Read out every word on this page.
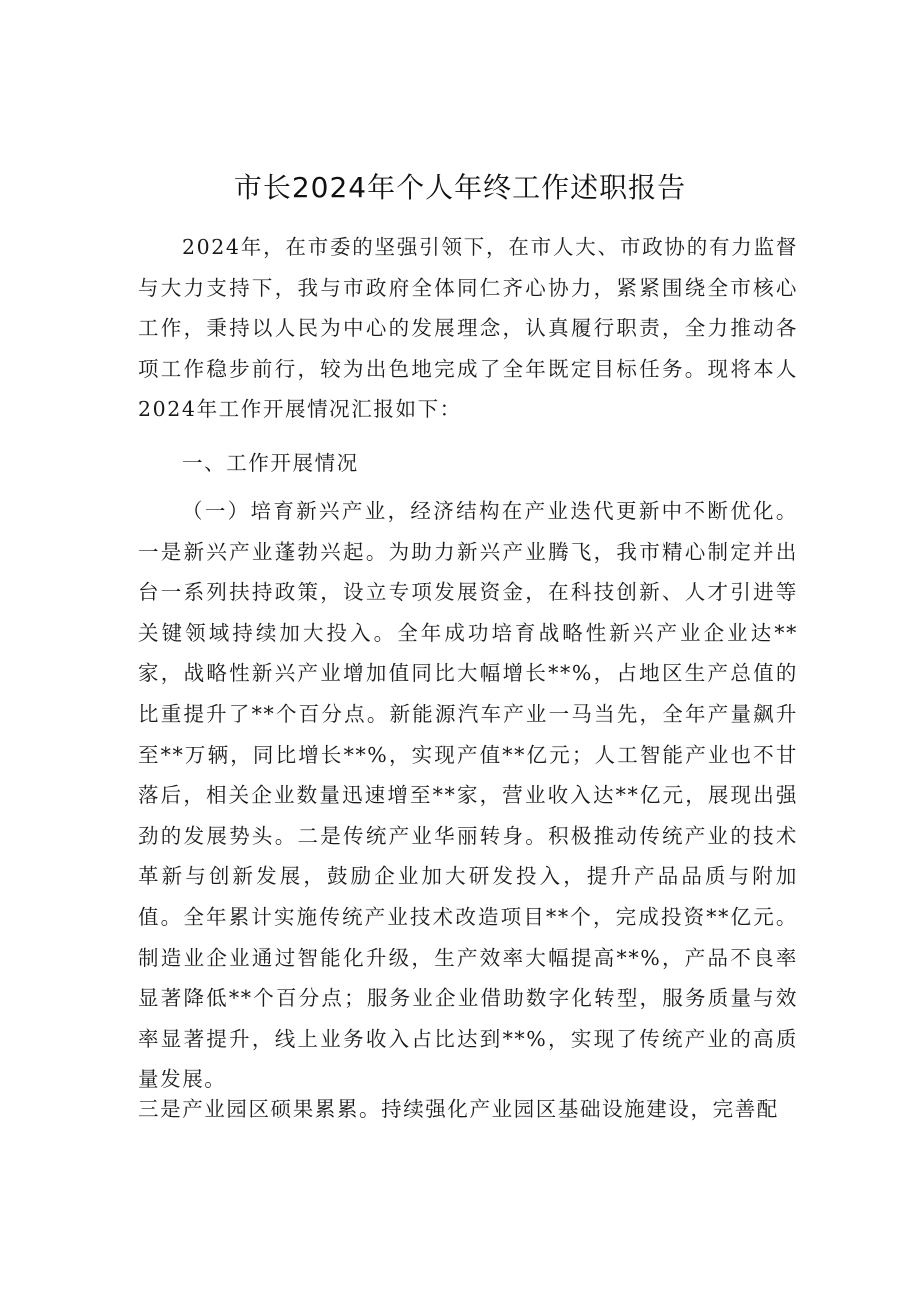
市长2024年个人年终工作述职报告
2024年，在市委的坚强引领下，在市人大、市政协的有力监督与大力支持下，我与市政府全体同仁齐心协力，紧紧围绕全市核心工作，秉持以人民为中心的发展理念，认真履行职责，全力推动各项工作稳步前行，较为出色地完成了全年既定目标任务。现将本人2024年工作开展情况汇报如下：
一、工作开展情况
（一）培育新兴产业，经济结构在产业迭代更新中不断优化。一是新兴产业蓬勃兴起。为助力新兴产业腾飞，我市精心制定并出台一系列扶持政策，设立专项发展资金，在科技创新、人才引进等关键领域持续加大投入。全年成功培育战略性新兴产业企业达**家，战略性新兴产业增加值同比大幅增长**%，占地区生产总值的比重提升了**个百分点。新能源汽车产业一马当先，全年产量飙升至**万辆，同比增长**%，实现产值**亿元；人工智能产业也不甘落后，相关企业数量迅速增至**家，营业收入达**亿元，展现出强劲的发展势头。二是传统产业华丽转身。积极推动传统产业的技术革新与创新发展，鼓励企业加大研发投入，提升产品品质与附加值。全年累计实施传统产业技术改造项目**个，完成投资**亿元。制造业企业通过智能化升级，生产效率大幅提高**%，产品不良率显著降低**个百分点；服务业企业借助数字化转型，服务质量与效率显著提升，线上业务收入占比达到**%，实现了传统产业的高质量发展。
三是产业园区硕果累累。持续强化产业园区基础设施建设，完善配
